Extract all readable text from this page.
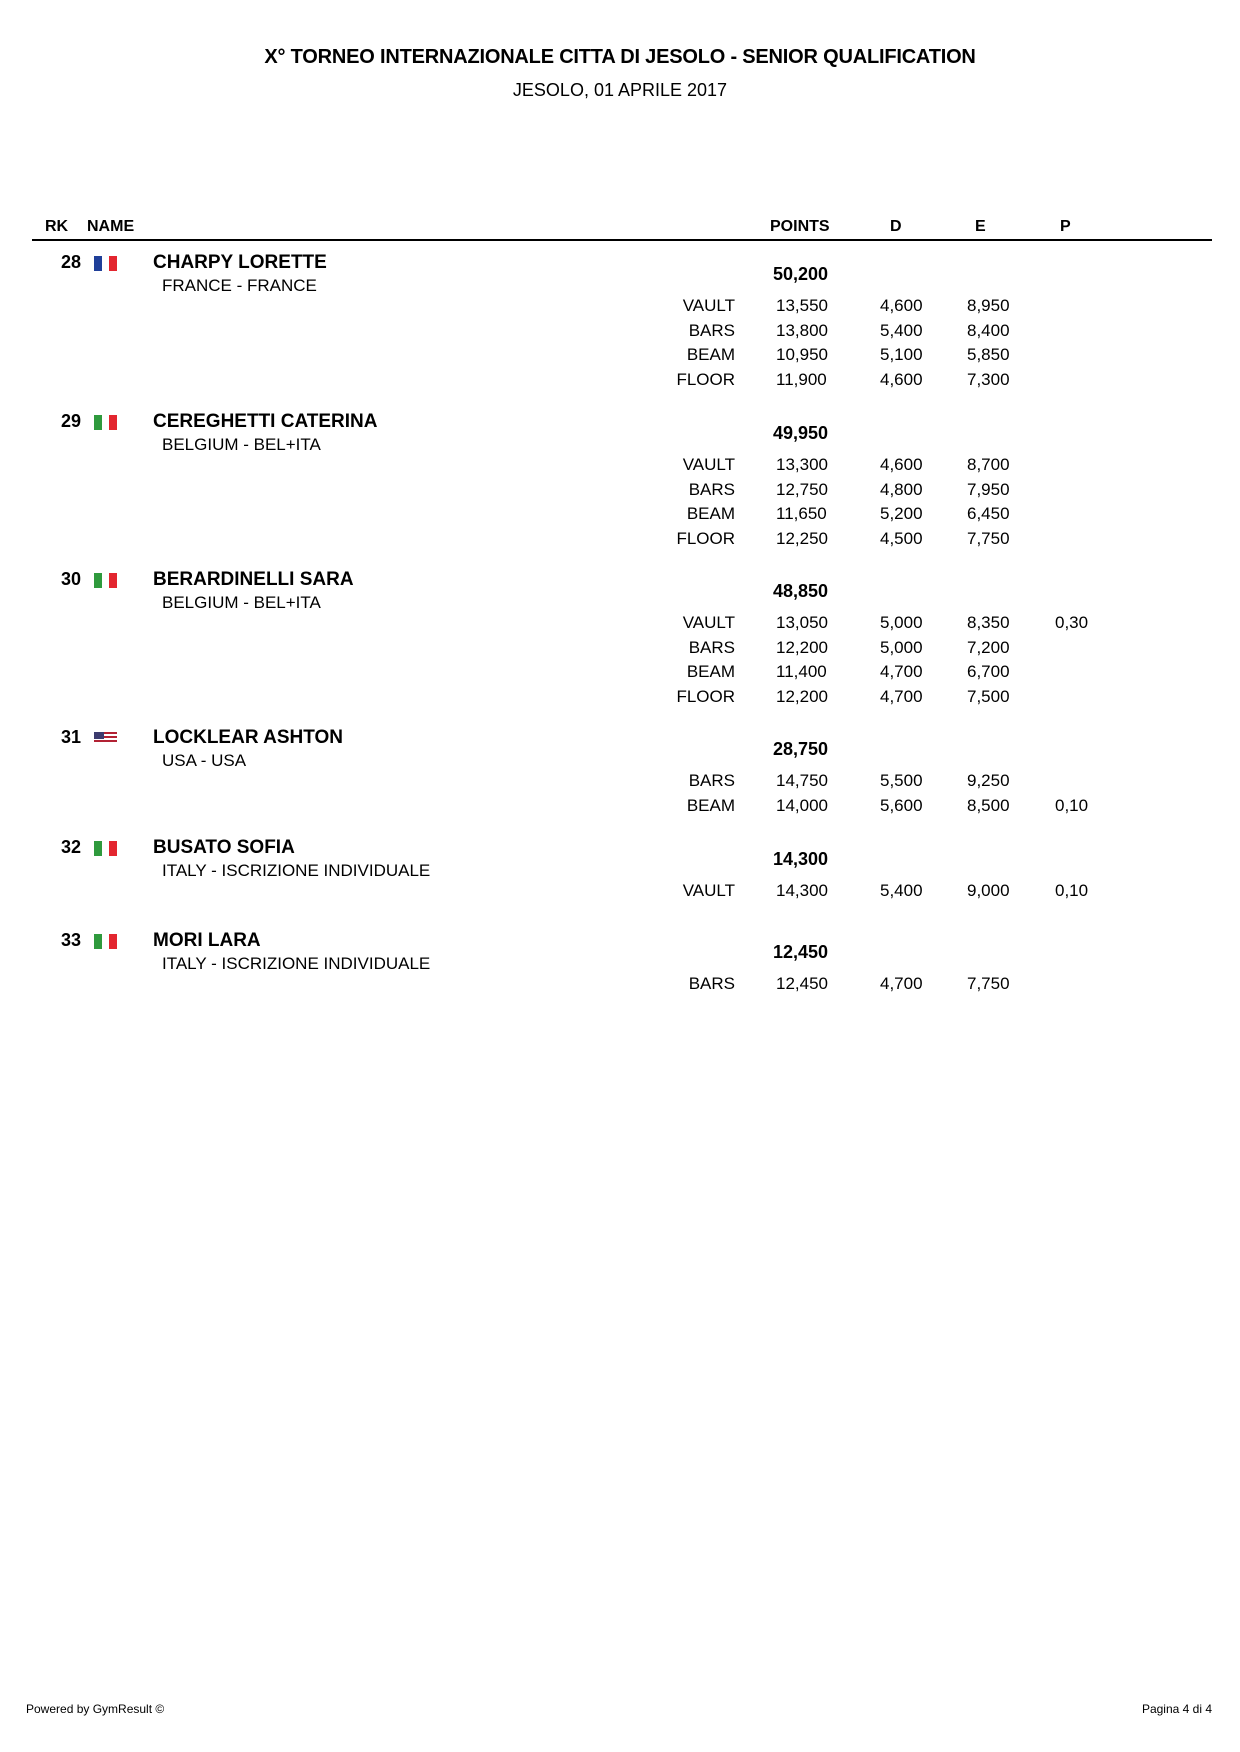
X° TORNEO INTERNAZIONALE CITTA DI JESOLO - SENIOR QUALIFICATION
JESOLO, 01 APRILE 2017
RK NAME	POINTS	D	E	P
28	CHARPY LORETTE
FRANCE - FRANCE
50,200
VAULT 13,550	4,600	8,950
BARS 13,800	5,400	8,400
BEAM 10,950	5,100	5,850
FLOOR 11,900	4,600	7,300
29	CEREGHETTI CATERINA
BELGIUM - BEL+ITA
49,950
VAULT 13,300	4,600	8,700
BARS 12,750	4,800	7,950
BEAM 11,650	5,200	6,450
FLOOR 12,250	4,500	7,750
30	BERARDINELLI SARA
BELGIUM - BEL+ITA
48,850
VAULT 13,050	5,000	8,350	0,30
BARS 12,200	5,000	7,200
BEAM 11,400	4,700	6,700
FLOOR 12,200	4,700	7,500
31	LOCKLEAR ASHTON
USA - USA
28,750
BARS 14,750	5,500	9,250
BEAM 14,000	5,600	8,500	0,10
32	BUSATO SOFIA
ITALY - ISCRIZIONE INDIVIDUALE
14,300
VAULT 14,300	5,400	9,000	0,10
33	MORI LARA
ITALY - ISCRIZIONE INDIVIDUALE
12,450
BARS 12,450	4,700	7,750
Powered by GymResult ©	Pagina 4 di 4
